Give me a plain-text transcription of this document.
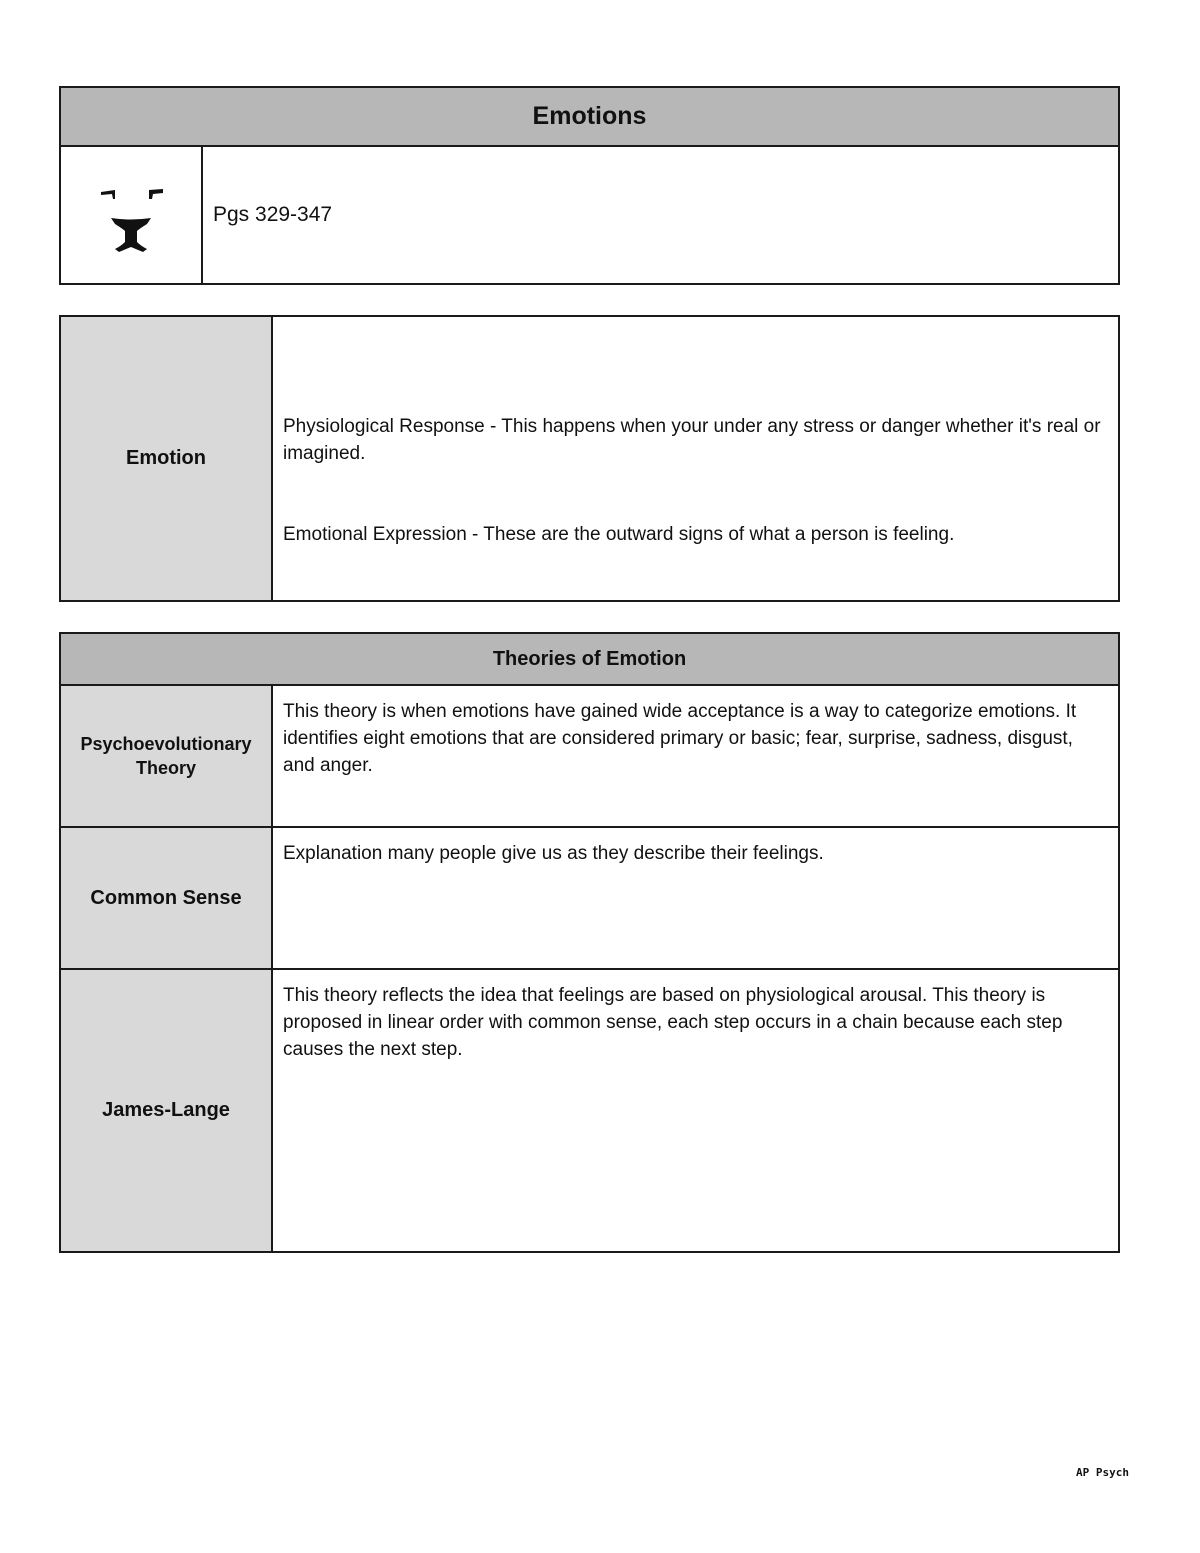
Emotions
Pgs 329-347
Emotion

Physiological Response - This happens when your under any stress or danger whether it's real or imagined.

Emotional Expression - These are the outward signs of what a person is feeling.

Theories of Emotion
Psychoevolutionary Theory
This theory is when emotions have gained wide acceptance is a way to categorize emotions. It identifies eight emotions that are considered primary or basic; fear, surprise, sadness, disgust, and anger.
Common Sense
Explanation many people give us as they describe their feelings.
James-Lange
This theory reflects the idea that feelings are based on physiological arousal. This theory is proposed in linear order with common sense, each step occurs in a chain because each step causes the next step.
AP Psych
